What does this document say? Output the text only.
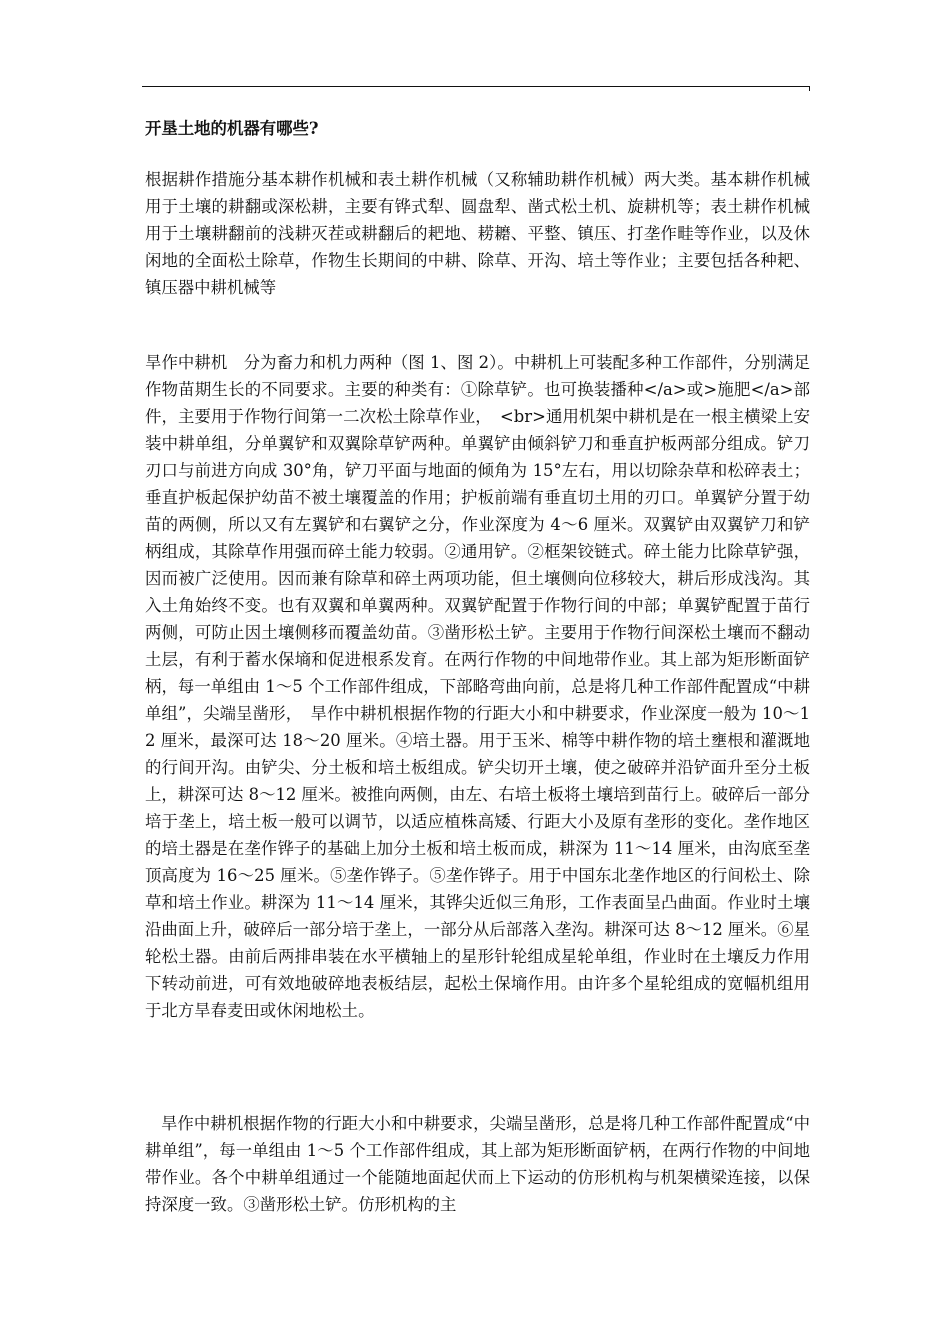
开垦土地的机器有哪些?
根据耕作措施分基本耕作机械和表土耕作机械（又称辅助耕作机械）两大类。基本耕作机械用于土壤的耕翻或深松耕，主要有铧式犁、圆盘犁、凿式松土机、旋耕机等；表土耕作机械用于土壤耕翻前的浅耕灭茬或耕翻后的耙地、耢耱、平整、镇压、打垄作畦等作业，以及休闲地的全面松土除草，作物生长期间的中耕、除草、开沟、培土等作业；主要包括各种耙、镇压器中耕机械等
旱作中耕机　分为畜力和机力两种（图 1、图 2）。中耕机上可装配多种工作部件，分别满足作物苗期生长的不同要求。主要的种类有：①除草铲。也可换装播种</a>或>施肥</a>部件，主要用于作物行间第一二次松土除草作业，　<br>通用机架中耕机是在一根主横梁上安装中耕单组，分单翼铲和双翼除草铲两种。单翼铲由倾斜铲刀和垂直护板两部分组成。铲刀刃口与前进方向成 30°角，铲刀平面与地面的倾角为 15°左右，用以切除杂草和松碎表土；垂直护板起保护幼苗不被土壤覆盖的作用；护板前端有垂直切土用的刃口。单翼铲分置于幼苗的两侧，所以又有左翼铲和右翼铲之分，作业深度为 4～6 厘米。双翼铲由双翼铲刀和铲柄组成，其除草作用强而碎土能力较弱。②通用铲。②框架铰链式。碎土能力比除草铲强，因而被广泛使用。因而兼有除草和碎土两项功能，但土壤侧向位移较大，耕后形成浅沟。其入土角始终不变。也有双翼和单翼两种。双翼铲配置于作物行间的中部；单翼铲配置于苗行两侧，可防止因土壤侧移而覆盖幼苗。③凿形松土铲。主要用于作物行间深松土壤而不翻动土层，有利于蓄水保墒和促进根系发育。在两行作物的中间地带作业。其上部为矩形断面铲柄，每一单组由 1～5 个工作部件组成，下部略弯曲向前，总是将几种工作部件配置成“中耕单组”，尖端呈凿形，　旱作中耕机根据作物的行距大小和中耕要求，作业深度一般为 10～12 厘米，最深可达 18～20 厘米。④培土器。用于玉米、棉等中耕作物的培土壅根和灌溉地的行间开沟。由铲尖、分土板和培土板组成。铲尖切开土壤，使之破碎并沿铲面升至分土板上，耕深可达 8～12 厘米。被推向两侧，由左、右培土板将土壤培到苗行上。破碎后一部分培于垄上，培土板一般可以调节，以适应植株高矮、行距大小及原有垄形的变化。垄作地区的培土器是在垄作铧子的基础上加分土板和培土板而成，耕深为 11～14 厘米，由沟底至垄顶高度为 16～25 厘米。⑤垄作铧子。⑤垄作铧子。用于中国东北垄作地区的行间松土、除草和培土作业。耕深为 11～14 厘米，其铧尖近似三角形，工作表面呈凸曲面。作业时土壤沿曲面上升，破碎后一部分培于垄上，一部分从后部落入垄沟。耕深可达 8～12 厘米。⑥星轮松土器。由前后两排串装在水平横轴上的星形针轮组成星轮单组，作业时在土壤反力作用下转动前进，可有效地破碎地表板结层，起松土保墒作用。由许多个星轮组成的宽幅机组用于北方旱春麦田或休闲地松土。
旱作中耕机根据作物的行距大小和中耕要求，尖端呈凿形，总是将几种工作部件配置成“中耕单组”，每一单组由 1～5 个工作部件组成，其上部为矩形断面铲柄，在两行作物的中间地带作业。各个中耕单组通过一个能随地面起伏而上下运动的仿形机构与机架横梁连接，以保持深度一致。③凿形松土铲。仿形机构的主
